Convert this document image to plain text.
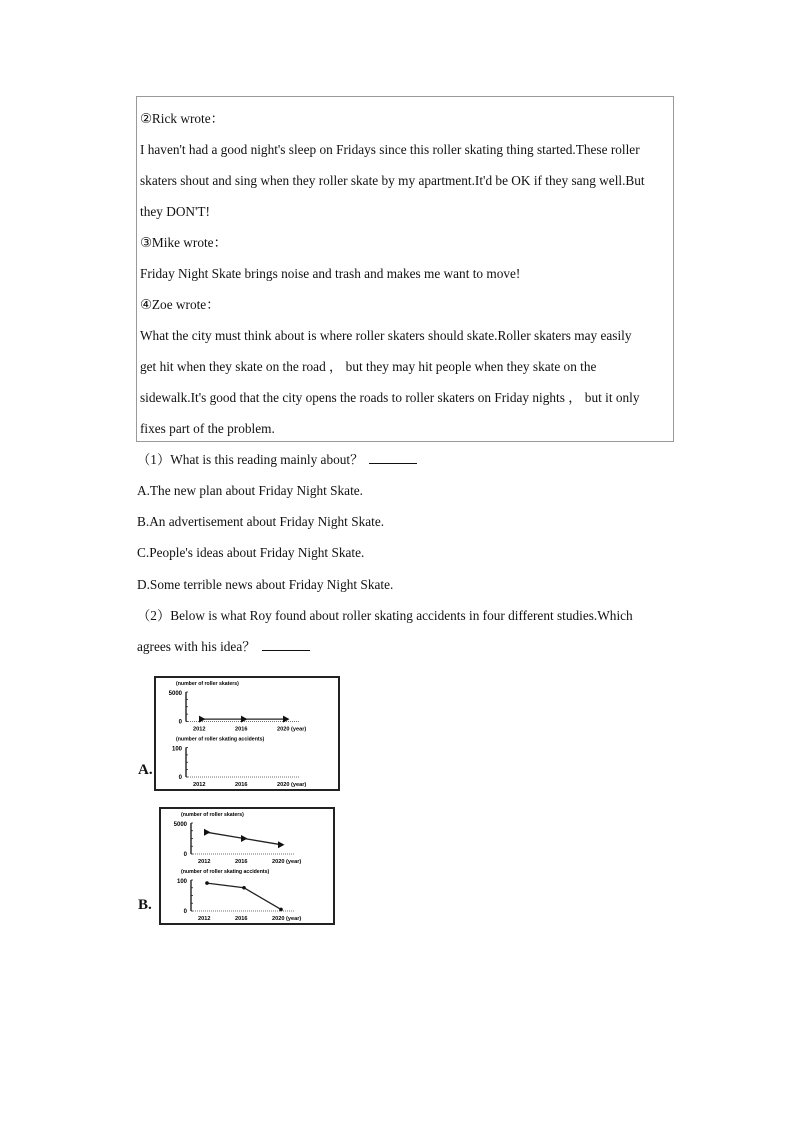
②Rick wrote：
I haven't had a good night's sleep on Fridays since this roller skating thing started.These roller
skaters shout and sing when they roller skate by my apartment.It'd be OK if they sang well.But
they DON'T!
③Mike wrote：
Friday Night Skate brings noise and trash and makes me want to move!
④Zoe wrote：
What the city must think about is where roller skaters should skate.Roller skaters may easily
get hit when they skate on the road ， but they may hit people when they skate on the
sidewalk.It's good that the city opens the roads to roller skaters on Friday nights ， but it only
fixes part of the problem.
（1）What is this reading mainly about？
A.The new plan about Friday Night Skate.
B.An advertisement about Friday Night Skate.
C.People's ideas about Friday Night Skate.
D.Some terrible news about Friday Night Skate.
（2）Below is what Roy found about roller skating accidents in four different studies.Which
agrees with his idea？
A.
(number of roller skaters)
5000
0
2012	2016	2020 (year)
(number of roller skating accidents)
100
0
2012	2016	2020 (year)
B.
(number of roller skaters)
5000
0
2012	2016	2020 (year)
(number of roller skating accidents)
100
0
2012	2016	2020 (year)
